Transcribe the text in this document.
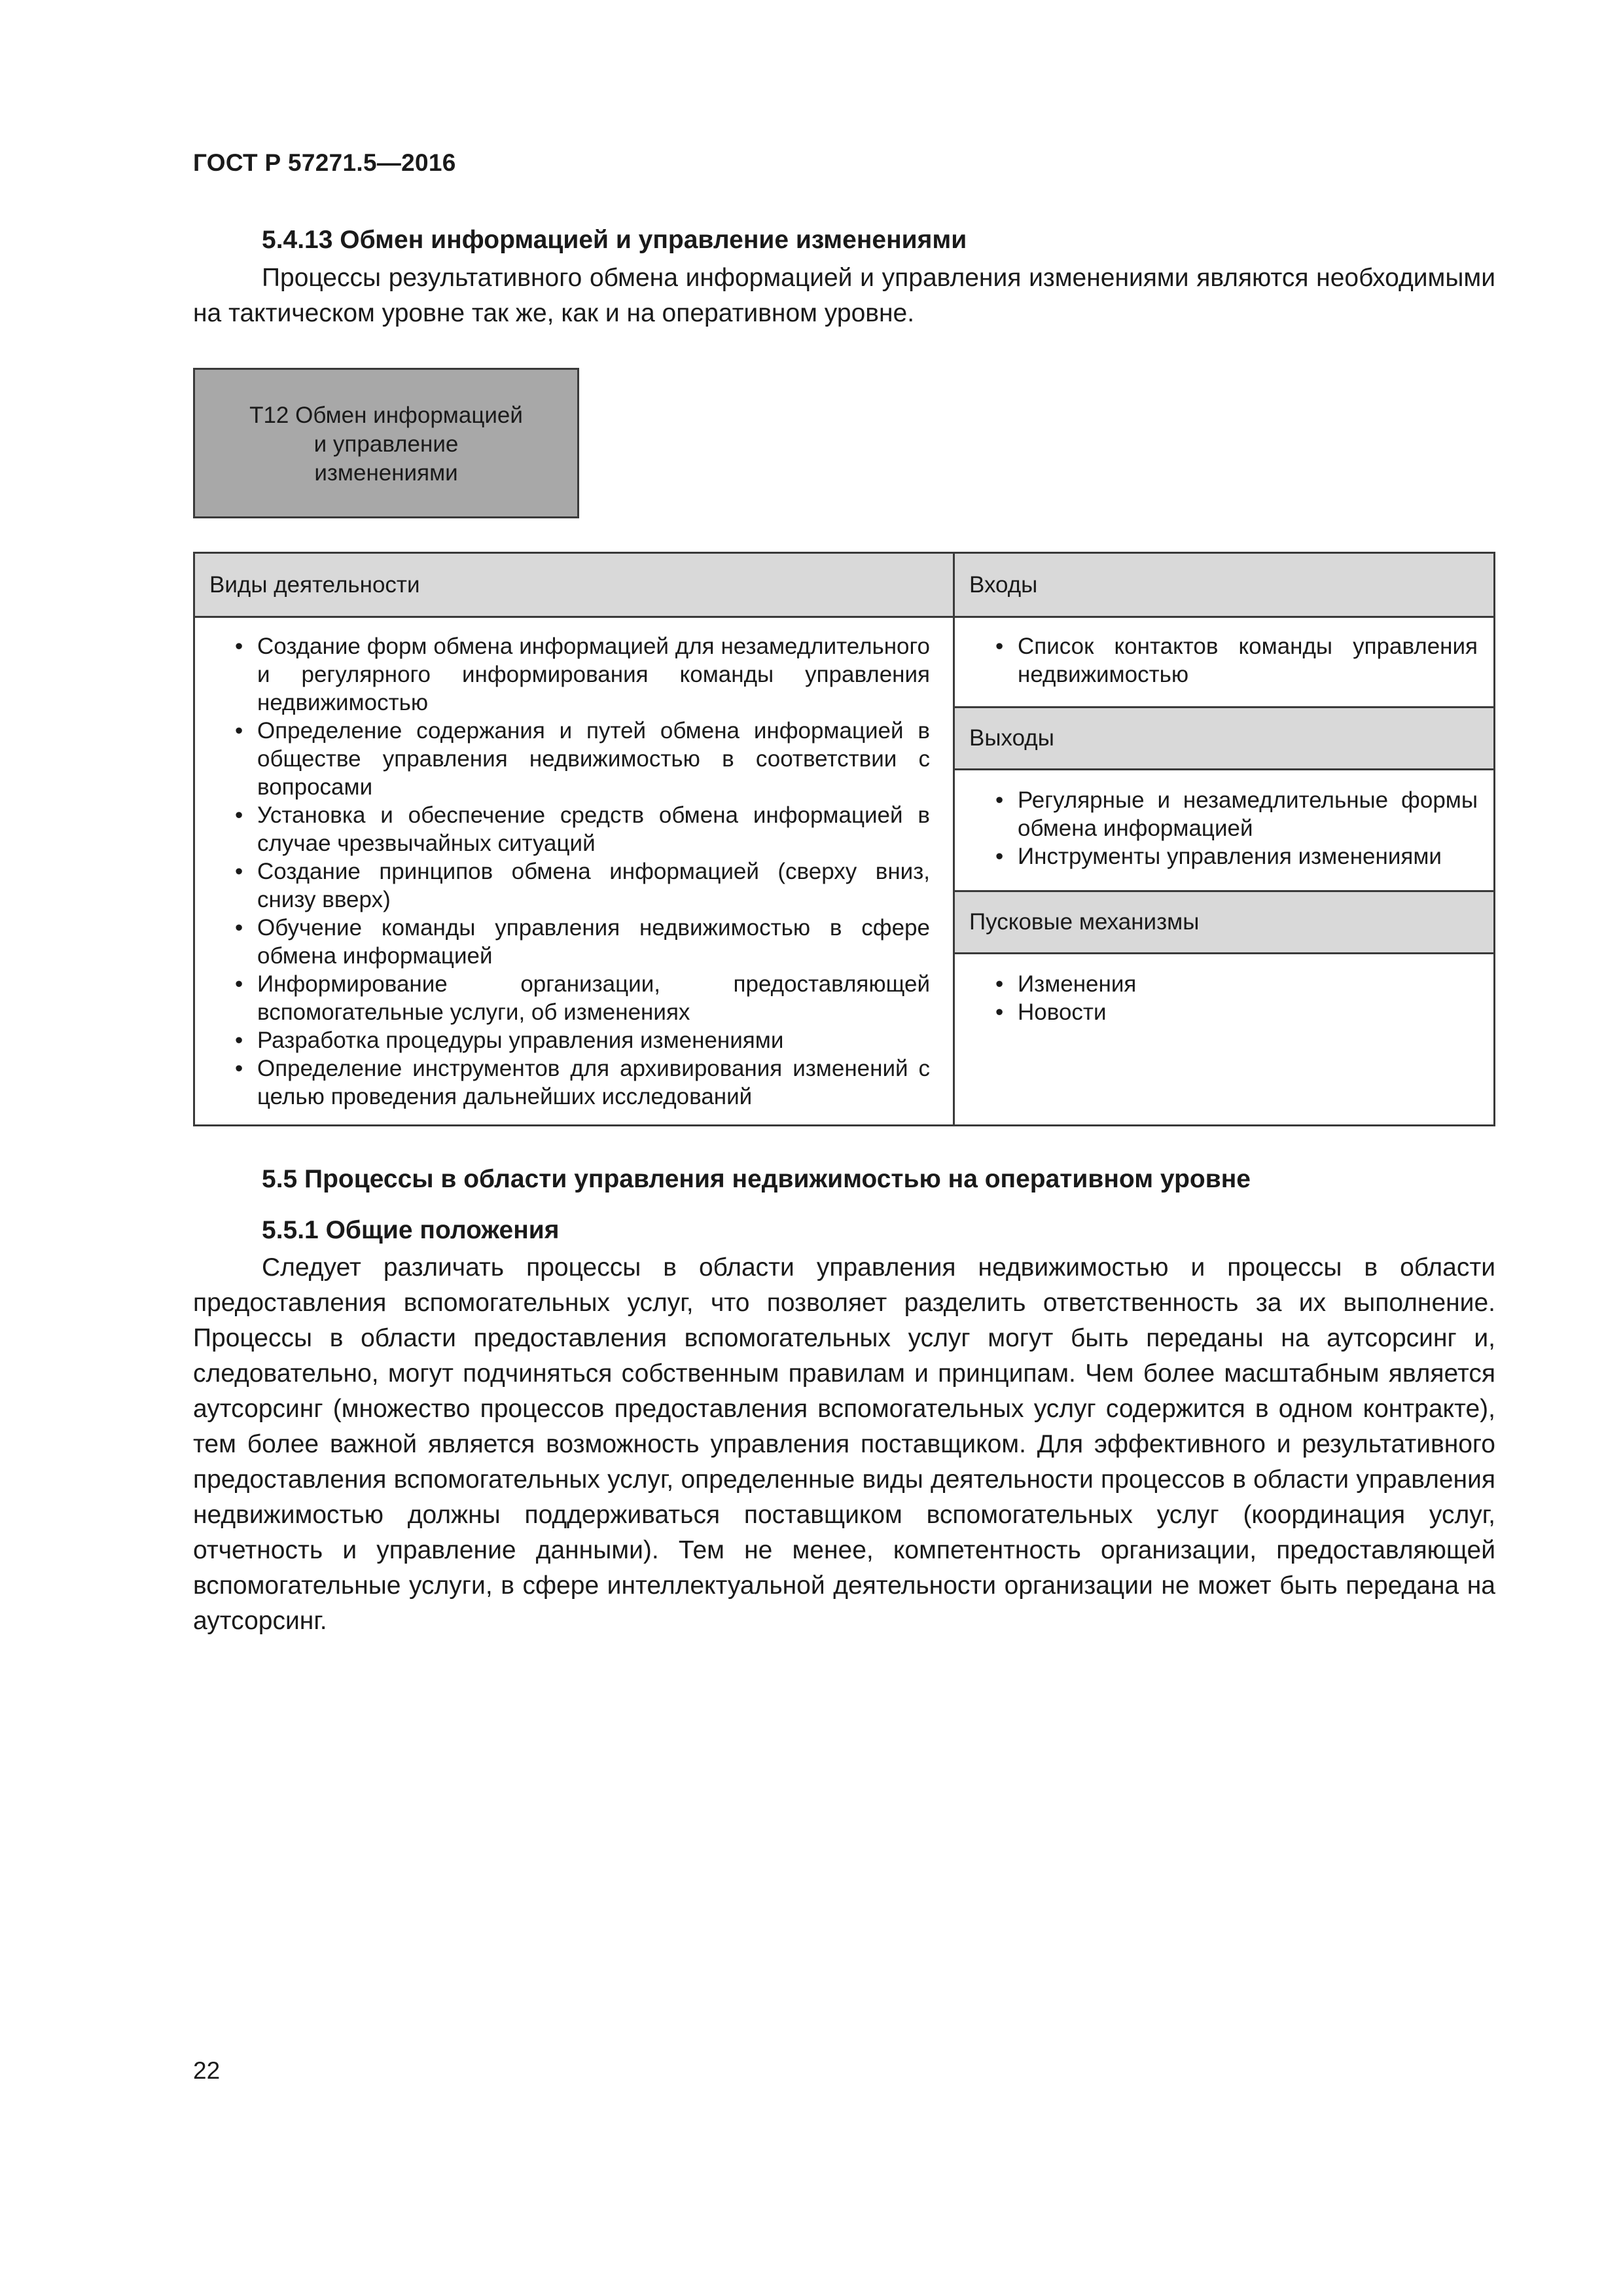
ГОСТ Р 57271.5—2016
5.4.13 Обмен информацией и управление изменениями
Процессы результативного обмена информацией и управления изменениями являются необходимыми на тактическом уровне так же, как и на оперативном уровне.
Т12 Обмен информацией
и управление
изменениями
Виды деятельности
• Создание форм обмена информацией для незамедлительного и регулярного информирования команды управления недвижимостью
• Определение содержания и путей обмена информацией в обществе управления недвижимостью в соответствии с вопросами
• Установка и обеспечение средств обмена информацией в случае чрезвычайных ситуаций
• Создание принципов обмена информацией (сверху вниз, снизу вверх)
• Обучение команды управления недвижимостью в сфере обмена информацией
• Информирование организации, предоставляющей вспомогательные услуги, об изменениях
• Разработка процедуры управления изменениями
• Определение инструментов для архивирования изменений с целью проведения дальнейших исследований
Входы
• Список контактов команды управления недвижимостью
Выходы
• Регулярные и незамедлительные формы обмена информацией
• Инструменты управления изменениями
Пусковые механизмы
• Изменения
• Новости
5.5 Процессы в области управления недвижимостью на оперативном уровне
5.5.1 Общие положения
Следует различать процессы в области управления недвижимостью и процессы в области предоставления вспомогательных услуг, что позволяет разделить ответственность за их выполнение. Процессы в области предоставления вспомогательных услуг могут быть переданы на аутсорсинг и, следовательно, могут подчиняться собственным правилам и принципам. Чем более масштабным является аутсорсинг (множество процессов предоставления вспомогательных услуг содержится в одном контракте), тем более важной является возможность управления поставщиком. Для эффективного и результативного предоставления вспомогательных услуг, определенные виды деятельности процессов в области управления недвижимостью должны поддерживаться поставщиком вспомогательных услуг (координация услуг, отчетность и управление данными). Тем не менее, компетентность организации, предоставляющей вспомогательные услуги, в сфере интеллектуальной деятельности организации не может быть передана на аутсорсинг.
22
